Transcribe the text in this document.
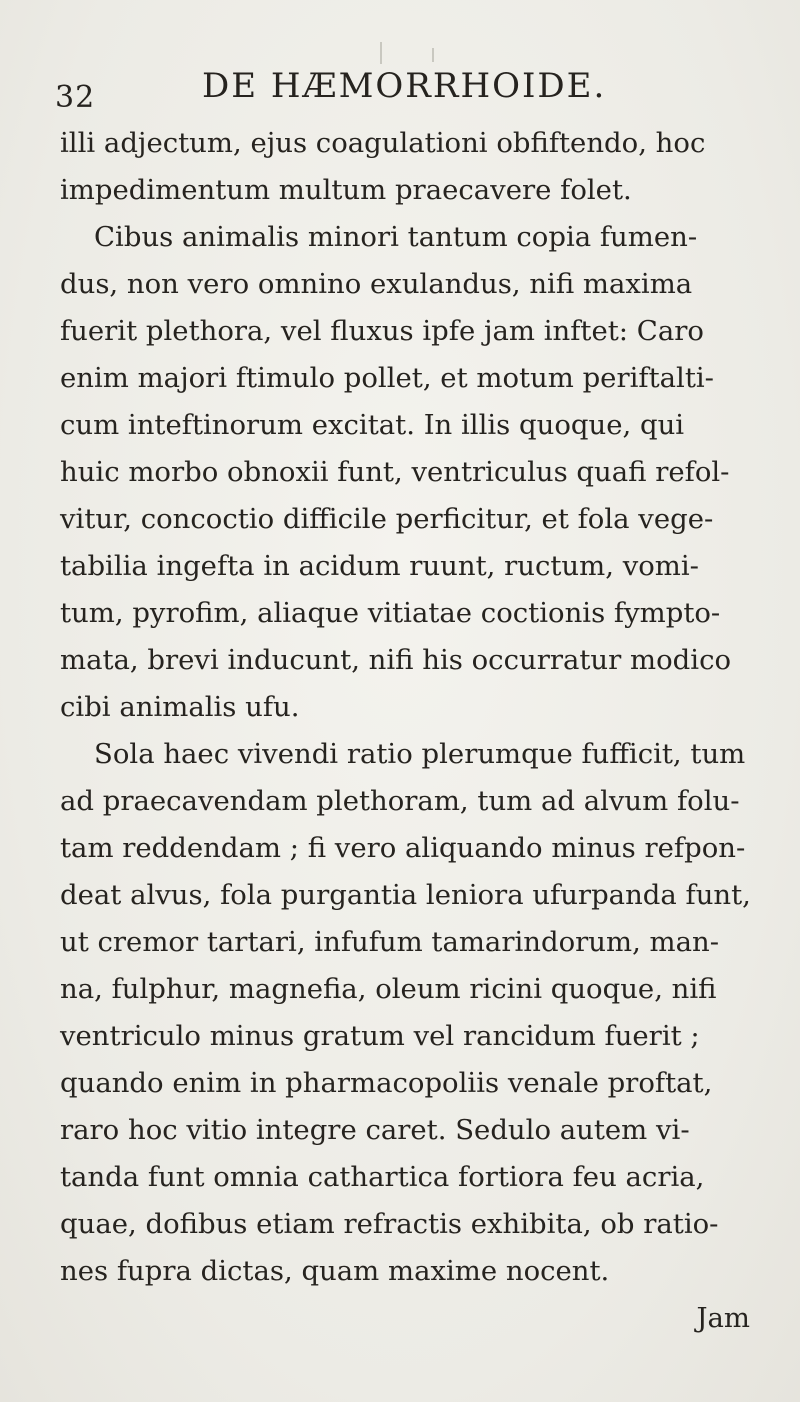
32	DE HÆMORRHOIDE.
illi adjectum, ejus coagulationi obfiftendo, hoc
impedimentum multum praecavere folet.
Cibus animalis minori tantum copia fumen-
dus, non vero omnino exulandus, nifi maxima
fuerit plethora, vel fluxus ipfe jam inftet: Caro
enim majori ftimulo pollet, et motum periftalti-
cum inteftinorum excitat. In illis quoque, qui
huic morbo obnoxii funt, ventriculus quafi refol-
vitur, concoctio difficile perficitur, et fola vege-
tabilia ingefta in acidum ruunt, ructum, vomi-
tum, pyrofim, aliaque vitiatae coctionis fympto-
mata, brevi inducunt, nifi his occurratur modico
cibi animalis ufu.
Sola haec vivendi ratio plerumque fufficit, tum
ad praecavendam plethoram, tum ad alvum folu-
tam reddendam ; fi vero aliquando minus refpon-
deat alvus, fola purgantia leniora ufurpanda funt,
ut cremor tartari, infufum tamarindorum, man-
na, fulphur, magnefia, oleum ricini quoque, nifi
ventriculo minus gratum vel rancidum fuerit ;
quando enim in pharmacopoliis venale proftat,
raro hoc vitio integre caret. Sedulo autem vi-
tanda funt omnia cathartica fortiora feu acria,
quae, dofibus etiam refractis exhibita, ob ratio-
nes fupra dictas, quam maxime nocent.
Jam
